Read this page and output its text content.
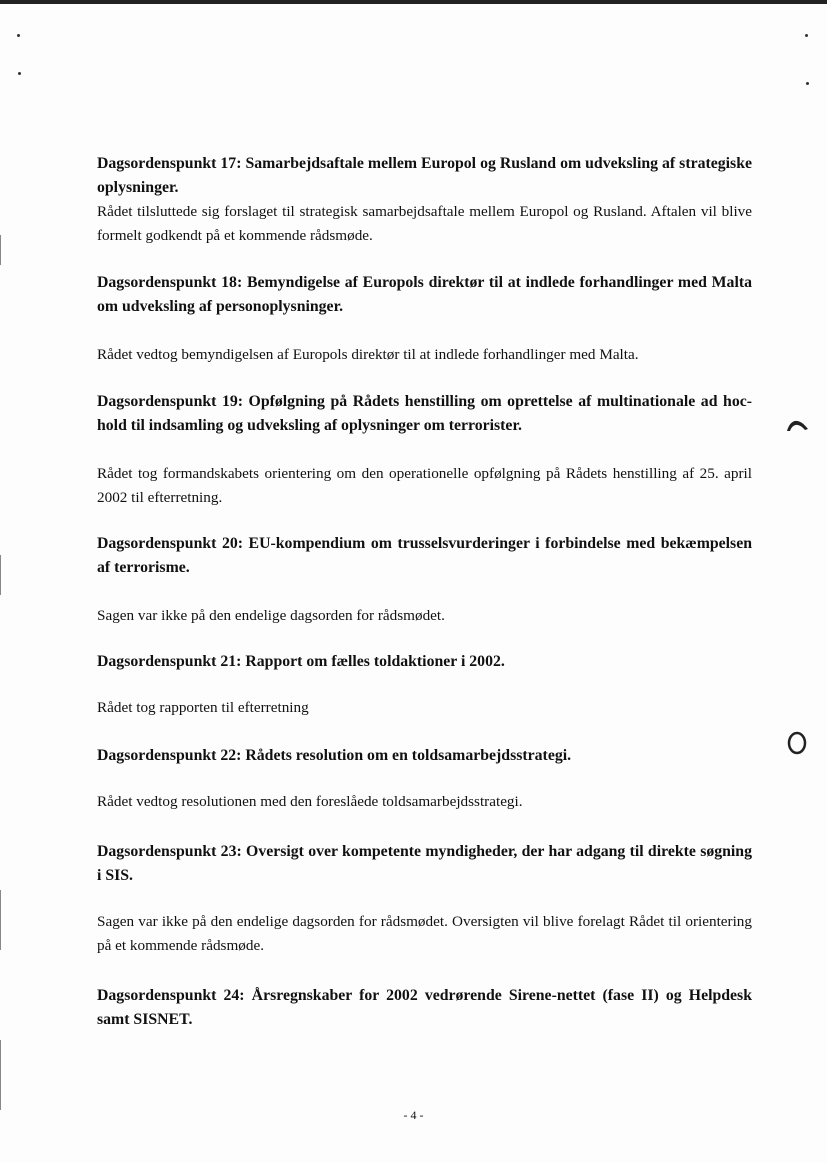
Dagsordenspunkt 17: Samarbejdsaftale mellem Europol og Rusland om udveksling af strategiske oplysninger.

Rådet tilsluttede sig forslaget til strategisk samarbejdsaftale mellem Europol og Rusland. Aftalen vil blive formelt godkendt på et kommende rådsmøde.

Dagsordenspunkt 18: Bemyndigelse af Europols direktør til at indlede forhandlinger med Malta om udveksling af personoplysninger.

Rådet vedtog bemyndigelsen af Europols direktør til at indlede forhandlinger med Malta.

Dagsordenspunkt 19: Opfølgning på Rådets henstilling om oprettelse af multinationale ad hoc-hold til indsamling og udveksling af oplysninger om terrorister.

Rådet tog formandskabets orientering om den operationelle opfølgning på Rådets henstilling af 25. april 2002 til efterretning.

Dagsordenspunkt 20: EU-kompendium om trusselsvurderinger i forbindelse med bekæmpelsen af terrorisme.

Sagen var ikke på den endelige dagsorden for rådsmødet.

Dagsordenspunkt 21: Rapport om fælles toldaktioner i 2002.

Rådet tog rapporten til efterretning

Dagsordenspunkt 22: Rådets resolution om en toldsamarbejdsstrategi.

Rådet vedtog resolutionen med den foreslåede toldsamarbejdsstrategi.

Dagsordenspunkt 23: Oversigt over kompetente myndigheder, der har adgang til direkte søgning i SIS.

Sagen var ikke på den endelige dagsorden for rådsmødet. Oversigten vil blive forelagt Rådet til orientering på et kommende rådsmøde.

Dagsordenspunkt 24: Årsregnskaber for 2002 vedrørende Sirene-nettet (fase II) og Helpdesk samt SISNET.

- 4 -
